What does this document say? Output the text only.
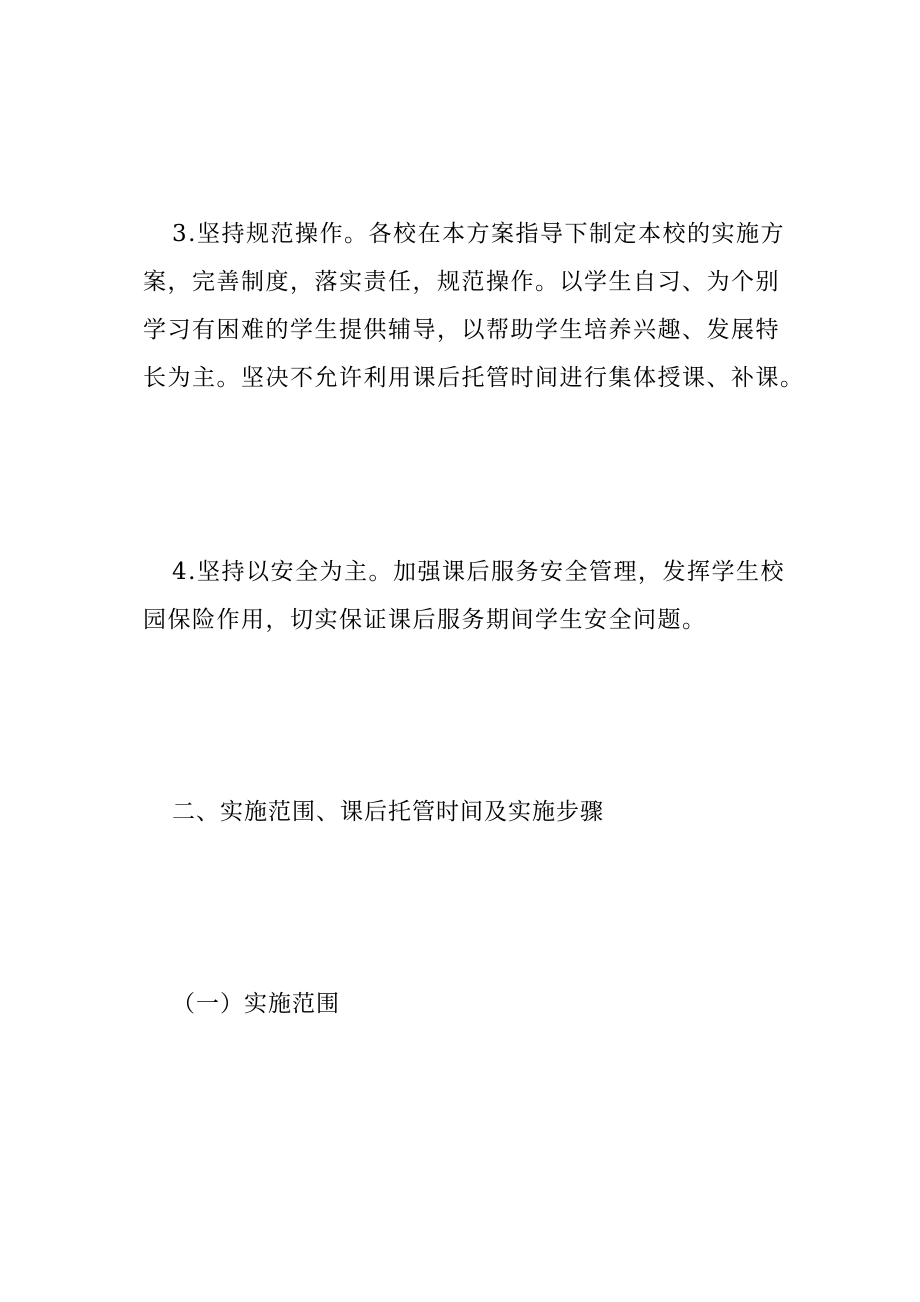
3.坚持规范操作。各校在本方案指导下制定本校的实施方
案，完善制度，落实责任，规范操作。以学生自习、为个别
学习有困难的学生提供辅导，以帮助学生培养兴趣、发展特
长为主。坚决不允许利用课后托管时间进行集体授课、补课。
4.坚持以安全为主。加强课后服务安全管理，发挥学生校
园保险作用，切实保证课后服务期间学生安全问题。
二、实施范围、课后托管时间及实施步骤
（一）实施范围
